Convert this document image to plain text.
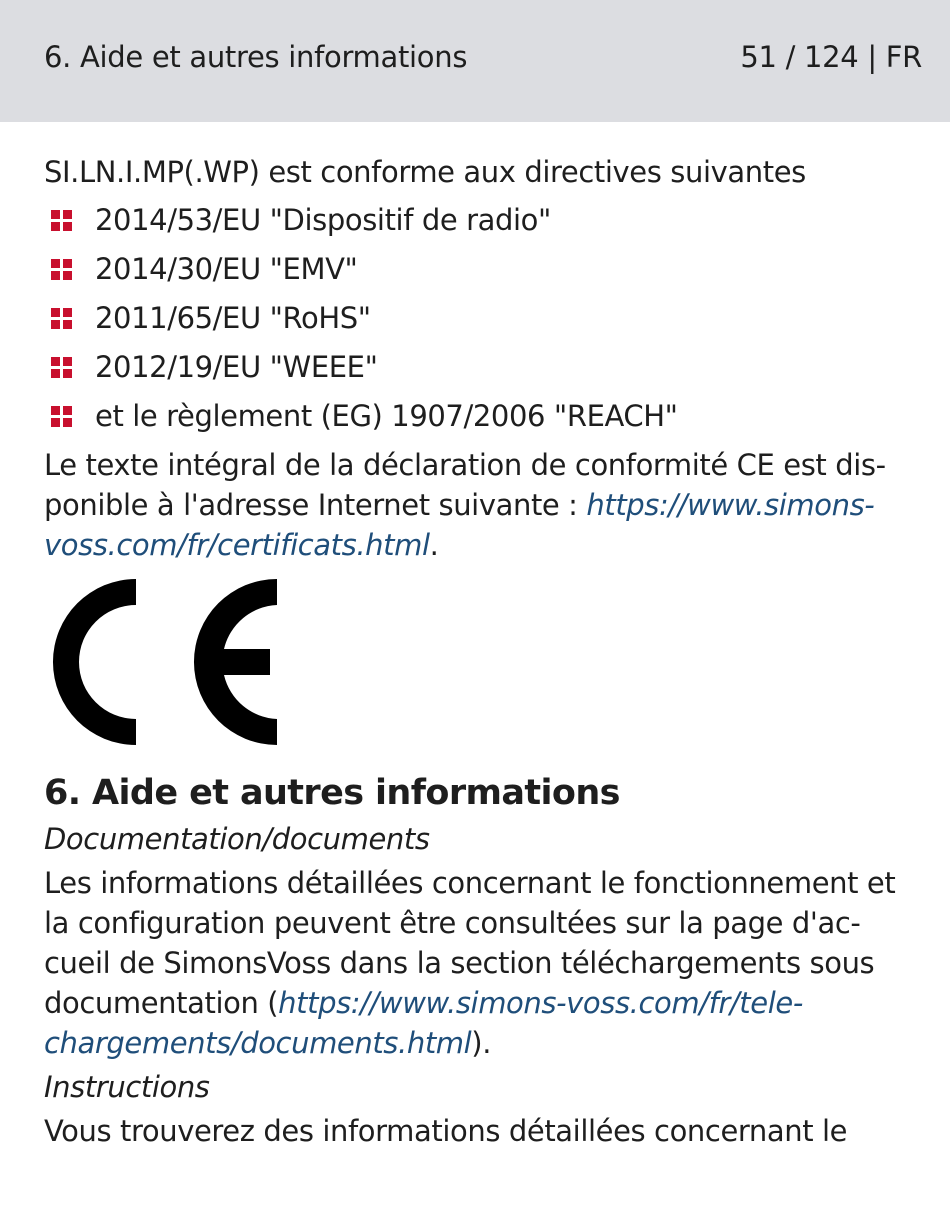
6. Aide et autres informations	51 / 124 | FR

SI.LN.I.MP(.WP) est conforme aux directives suivantes

2014/53/EU "Dispositif de radio"
2014/30/EU "EMV"
2011/65/EU "RoHS"
2012/19/EU "WEEE"
et le règlement (EG) 1907/2006 "REACH"

Le texte intégral de la déclaration de conformité CE est dis-ponible à l'adresse Internet suivante : https://www.simons-voss.com/fr/certificats.html.

6. Aide et autres informations

Documentation/documents

Les informations détaillées concernant le fonctionnement et la configuration peuvent être consultées sur la page d'ac-cueil de SimonsVoss dans la section téléchargements sous documentation (https://www.simons-voss.com/fr/tele-chargements/documents.html).

Instructions

Vous trouverez des informations détaillées concernant le
